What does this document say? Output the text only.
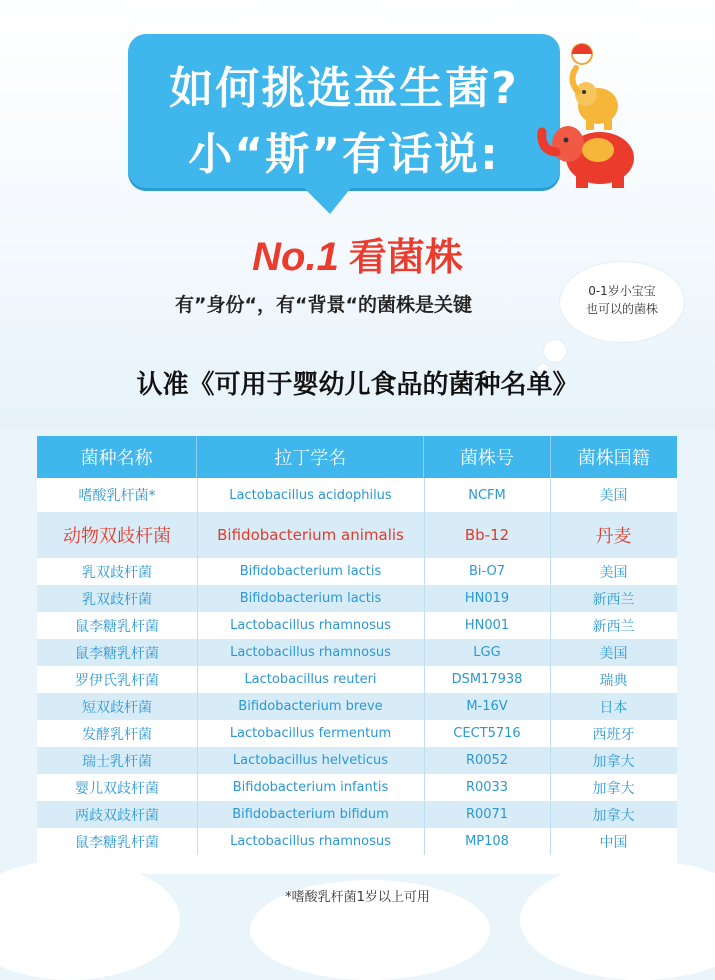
如何挑选益生菌?
小“斯”有话说:
No.1 看菌株
有”身份“，有“背景“的菌株是关键
0-1岁小宝宝
也可以的菌株
认准《可用于婴幼儿食品的菌种名单》
菌种名称	拉丁学名	菌株号	菌株国籍
嗜酸乳杆菌*	Lactobacillus acidophilus	NCFM	美国
动物双歧杆菌	Bifidobacterium animalis	Bb-12	丹麦
乳双歧杆菌	Bifidobacterium lactis	Bi-O7	美国
乳双歧杆菌	Bifidobacterium lactis	HN019	新西兰
鼠李糖乳杆菌	Lactobacillus rhamnosus	HN001	新西兰
鼠李糖乳杆菌	Lactobacillus rhamnosus	LGG	美国
罗伊氏乳杆菌	Lactobacillus reuteri	DSM17938	瑞典
短双歧杆菌	Bifidobacterium breve	M-16V	日本
发酵乳杆菌	Lactobacillus fermentum	CECT5716	西班牙
瑞士乳杆菌	Lactobacillus helveticus	R0052	加拿大
婴儿双歧杆菌	Bifidobacterium infantis	R0033	加拿大
两歧双歧杆菌	Bifidobacterium bifidum	R0071	加拿大
鼠李糖乳杆菌	Lactobacillus rhamnosus	MP108	中国
*嗜酸乳杆菌1岁以上可用
